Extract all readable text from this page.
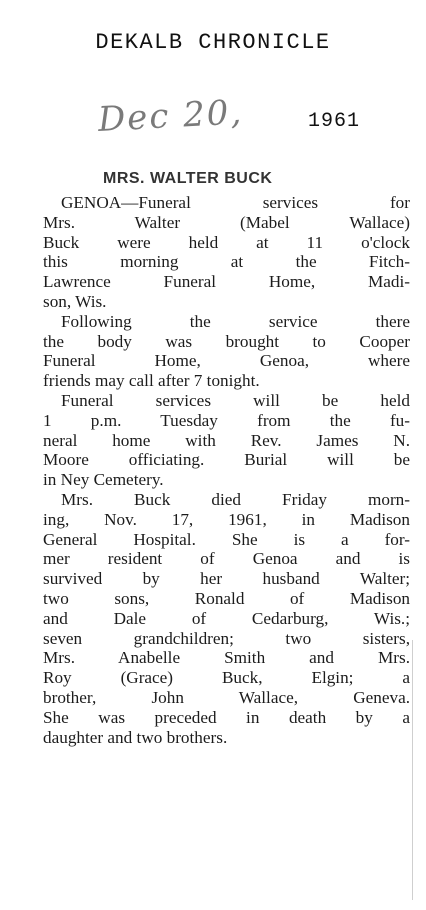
DEKALB CHRONICLE
Dec 20,	1961
MRS. WALTER BUCK
GENOA—Funeral services for
Mrs. Walter (Mabel Wallace)
Buck were held at 11 o'clock
this morning at the Fitch-
Lawrence Funeral Home, Madi-
son, Wis.
Following the service there
the body was brought to Cooper
Funeral Home, Genoa, where
friends may call after 7 tonight.
Funeral services will be held
1 p.m. Tuesday from the fu-
neral home with Rev. James N.
Moore officiating. Burial will be
in Ney Cemetery.
Mrs. Buck died Friday morn-
ing, Nov. 17, 1961, in Madison
General Hospital. She is a for-
mer resident of Genoa and is
survived by her husband Walter;
two sons, Ronald of Madison
and Dale of Cedarburg, Wis.;
seven grandchildren; two sisters,
Mrs. Anabelle Smith and Mrs.
Roy (Grace) Buck, Elgin; a
brother, John Wallace, Geneva.
She was preceded in death by a
daughter and two brothers.
